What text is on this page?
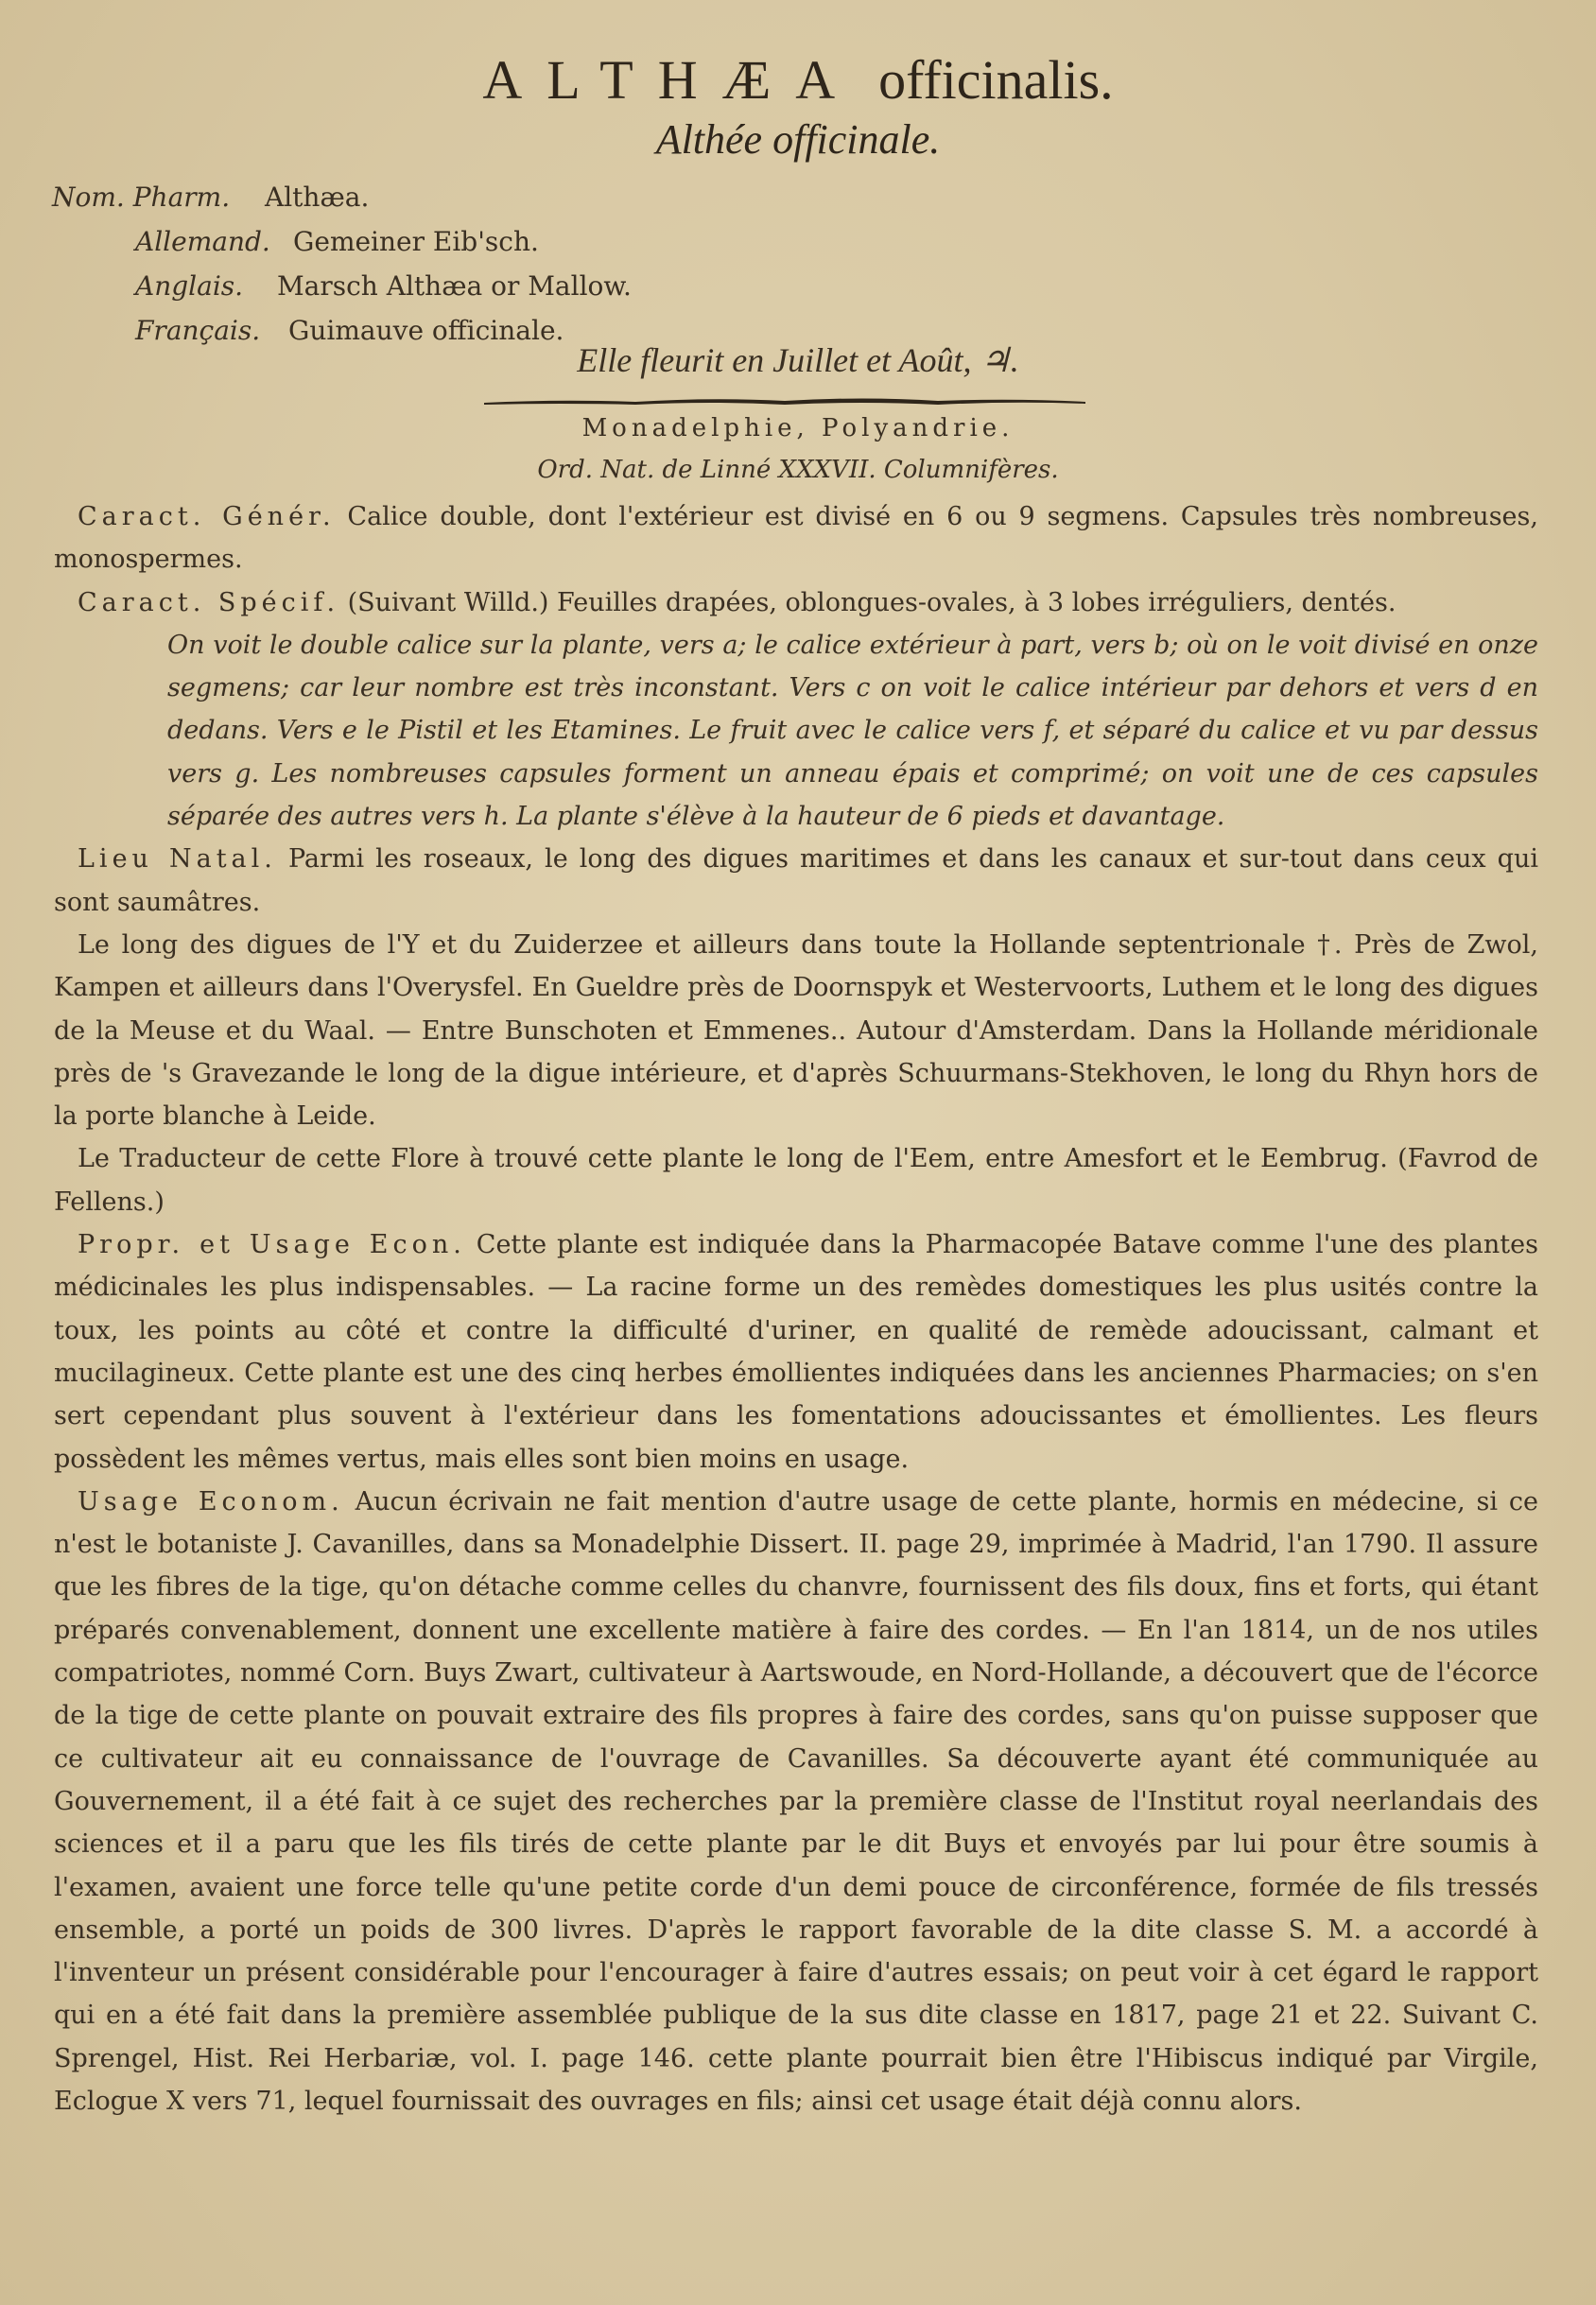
ALTHÆA officinalis.
Althée officinale.
Nom. Pharm. Althæa.
Allemand. Gemeiner Eib'sch.
Anglais. Marsch Althæa or Mallow.
Français. Guimauve officinale.
Elle fleurit en Juillet et Août, ♃.
Monadelphie, Polyandrie.
Ord. Nat. de Linné XXXVII. Columnifères.

Caract. Génér. Calice double, dont l'extérieur est divisé en 6 ou 9 segmens. Capsules très nombreuses, monospermes.

Caract. Spécif. (Suivant Willd.) Feuilles drapées, oblongues-ovales, à 3 lobes irréguliers, dentés.

On voit le double calice sur la plante, vers a; le calice extérieur à part, vers b; où on le voit divisé en onze segmens; car leur nombre est très inconstant. Vers c on voit le calice intérieur par dehors et vers d en dedans. Vers e le Pistil et les Etamines. Le fruit avec le calice vers f, et séparé du calice et vu par dessus vers g. Les nombreuses capsules forment un anneau épais et comprimé; on voit une de ces capsules séparée des autres vers h. La plante s'élève à la hauteur de 6 pieds et davantage.

Lieu Natal. Parmi les roseaux, le long des digues maritimes et dans les canaux et sur-tout dans ceux qui sont saumâtres.

Le long des digues de l'Y et du Zuiderzee et ailleurs dans toute la Hollande septentrionale †. Près de Zwol, Kampen et ailleurs dans l'Overysfel. En Gueldre près de Doornspyk et Westervoorts, Luthem et le long des digues de la Meuse et du Waal. — Entre Bunschoten et Emmenes.. Autour d'Amsterdam. Dans la Hollande méridionale près de 's Gravezande le long de la digue intérieure, et d'après Schuurmans-Stekhoven, le long du Rhyn hors de la porte blanche à Leide.

Le Traducteur de cette Flore à trouvé cette plante le long de l'Eem, entre Amesfort et le Eembrug. (Favrod de Fellens.)

Propr. et Usage Econ. Cette plante est indiquée dans la Pharmacopée Batave comme l'une des plantes médicinales les plus indispensables. — La racine forme un des remèdes domestiques les plus usités contre la toux, les points au côté et contre la difficulté d'uriner, en qualité de remède adoucissant, calmant et mucilagineux. Cette plante est une des cinq herbes émollientes indiquées dans les anciennes Pharmacies; on s'en sert cependant plus souvent à l'extérieur dans les fomentations adoucissantes et émollientes. Les fleurs possèdent les mêmes vertus, mais elles sont bien moins en usage.

Usage Econom. Aucun écrivain ne fait mention d'autre usage de cette plante, hormis en médecine, si ce n'est le botaniste J. Cavanilles, dans sa Monadelphie Dissert. II. page 29, imprimée à Madrid, l'an 1790. Il assure que les fibres de la tige, qu'on détache comme celles du chanvre, fournissent des fils doux, fins et forts, qui étant préparés convenablement, donnent une excellente matière à faire des cordes. — En l'an 1814, un de nos utiles compatriotes, nommé Corn. Buys Zwart, cultivateur à Aartswoude, en Nord-Hollande, a découvert que de l'écorce de la tige de cette plante on pouvait extraire des fils propres à faire des cordes, sans qu'on puisse supposer que ce cultivateur ait eu connaissance de l'ouvrage de Cavanilles. Sa découverte ayant été communiquée au Gouvernement, il a été fait à ce sujet des recherches par la première classe de l'Institut royal neerlandais des sciences et il a paru que les fils tirés de cette plante par le dit Buys et envoyés par lui pour être soumis à l'examen, avaient une force telle qu'une petite corde d'un demi pouce de circonférence, formée de fils tressés ensemble, a porté un poids de 300 livres. D'après le rapport favorable de la dite classe S. M. a accordé à l'inventeur un présent considérable pour l'encourager à faire d'autres essais; on peut voir à cet égard le rapport qui en a été fait dans la première assemblée publique de la sus dite classe en 1817, page 21 et 22. Suivant C. Sprengel, Hist. Rei Herbariæ, vol. I. page 146. cette plante pourrait bien être l'Hibiscus indiqué par Virgile, Eclogue X vers 71, lequel fournissait des ouvrages en fils; ainsi cet usage était déjà connu alors.
